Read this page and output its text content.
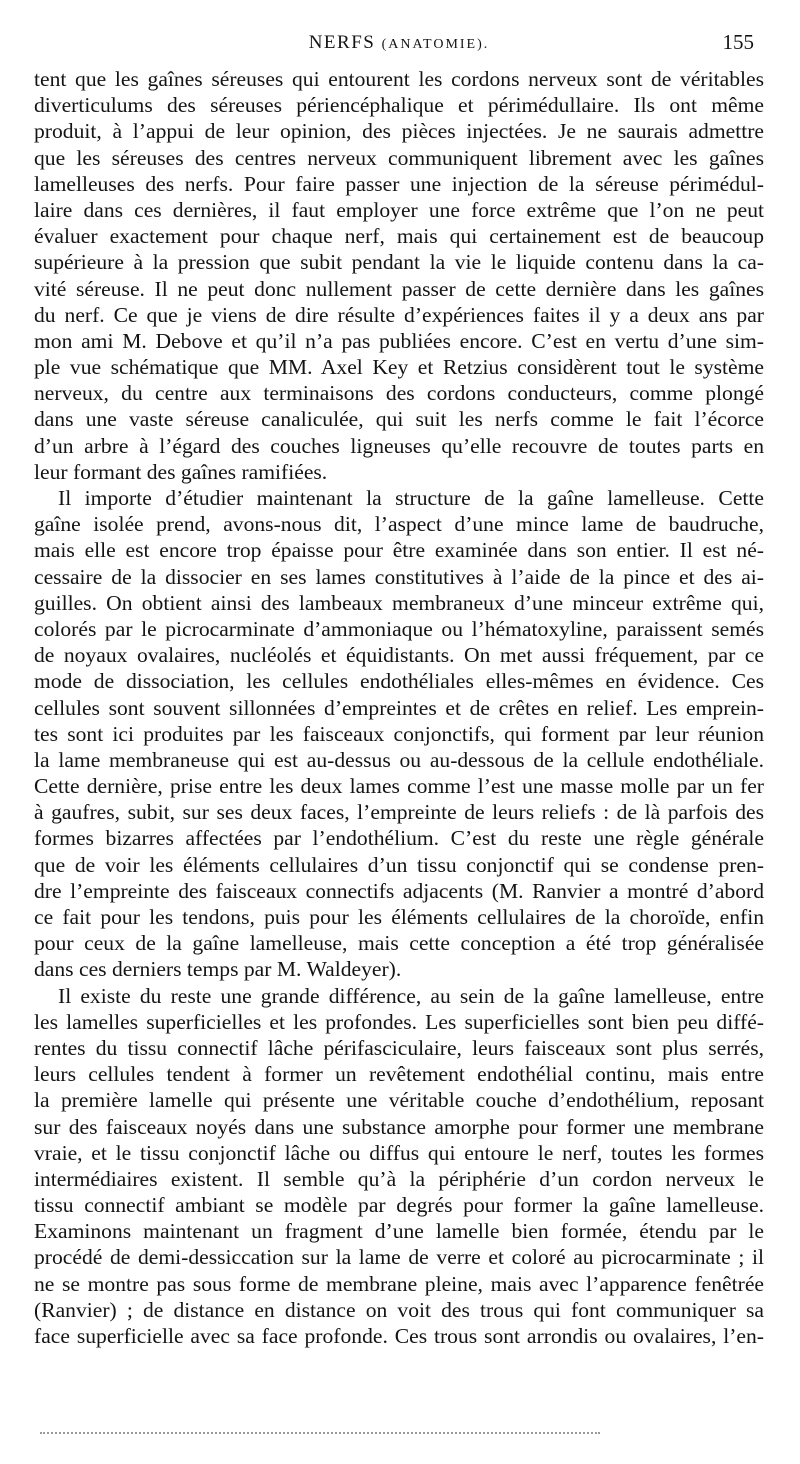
NERFS (ANATOMIE).	155
tent que les gaînes séreuses qui entourent les cordons nerveux sont de véritables
diverticulums des séreuses périencéphalique et périmédullaire. Ils ont même
produit, à l’appui de leur opinion, des pièces injectées. Je ne saurais admettre
que les séreuses des centres nerveux communiquent librement avec les gaînes
lamelleuses des nerfs. Pour faire passer une injection de la séreuse périmédul-
laire dans ces dernières, il faut employer une force extrême que l’on ne peut
évaluer exactement pour chaque nerf, mais qui certainement est de beaucoup
supérieure à la pression que subit pendant la vie le liquide contenu dans la ca-
vité séreuse. Il ne peut donc nullement passer de cette dernière dans les gaînes
du nerf. Ce que je viens de dire résulte d’expériences faites il y a deux ans par
mon ami M. Debove et qu’il n’a pas publiées encore. C’est en vertu d’une sim-
ple vue schématique que MM. Axel Key et Retzius considèrent tout le système
nerveux, du centre aux terminaisons des cordons conducteurs, comme plongé
dans une vaste séreuse canaliculée, qui suit les nerfs comme le fait l’écorce
d’un arbre à l’égard des couches ligneuses qu’elle recouvre de toutes parts en
leur formant des gaînes ramifiées.
Il importe d’étudier maintenant la structure de la gaîne lamelleuse. Cette
gaîne isolée prend, avons-nous dit, l’aspect d’une mince lame de baudruche,
mais elle est encore trop épaisse pour être examinée dans son entier. Il est né-
cessaire de la dissocier en ses lames constitutives à l’aide de la pince et des ai-
guilles. On obtient ainsi des lambeaux membraneux d’une minceur extrême qui,
colorés par le picrocarminate d’ammoniaque ou l’hématoxyline, paraissent semés
de noyaux ovalaires, nucléolés et équidistants. On met aussi fréquement, par ce
mode de dissociation, les cellules endothéliales elles-mêmes en évidence. Ces
cellules sont souvent sillonnées d’empreintes et de crêtes en relief. Les emprein-
tes sont ici produites par les faisceaux conjonctifs, qui forment par leur réunion
la lame membraneuse qui est au-dessus ou au-dessous de la cellule endothéliale.
Cette dernière, prise entre les deux lames comme l’est une masse molle par un fer
à gaufres, subit, sur ses deux faces, l’empreinte de leurs reliefs : de là parfois des
formes bizarres affectées par l’endothélium. C’est du reste une règle générale
que de voir les éléments cellulaires d’un tissu conjonctif qui se condense pren-
dre l’empreinte des faisceaux connectifs adjacents (M. Ranvier a montré d’abord
ce fait pour les tendons, puis pour les éléments cellulaires de la choroïde, enfin
pour ceux de la gaîne lamelleuse, mais cette conception a été trop généralisée
dans ces derniers temps par M. Waldeyer).
Il existe du reste une grande différence, au sein de la gaîne lamelleuse, entre
les lamelles superficielles et les profondes. Les superficielles sont bien peu diffé-
rentes du tissu connectif lâche périfasciculaire, leurs faisceaux sont plus serrés,
leurs cellules tendent à former un revêtement endothélial continu, mais entre
la première lamelle qui présente une véritable couche d’endothélium, reposant
sur des faisceaux noyés dans une substance amorphe pour former une membrane
vraie, et le tissu conjonctif lâche ou diffus qui entoure le nerf, toutes les formes
intermédiaires existent. Il semble qu’à la périphérie d’un cordon nerveux le
tissu connectif ambiant se modèle par degrés pour former la gaîne lamelleuse.
Examinons maintenant un fragment d’une lamelle bien formée, étendu par le
procédé de demi-dessiccation sur la lame de verre et coloré au picrocarminate ; il
ne se montre pas sous forme de membrane pleine, mais avec l’apparence fenêtrée
(Ranvier) ; de distance en distance on voit des trous qui font communiquer sa
face superficielle avec sa face profonde. Ces trous sont arrondis ou ovalaires, l’en-
